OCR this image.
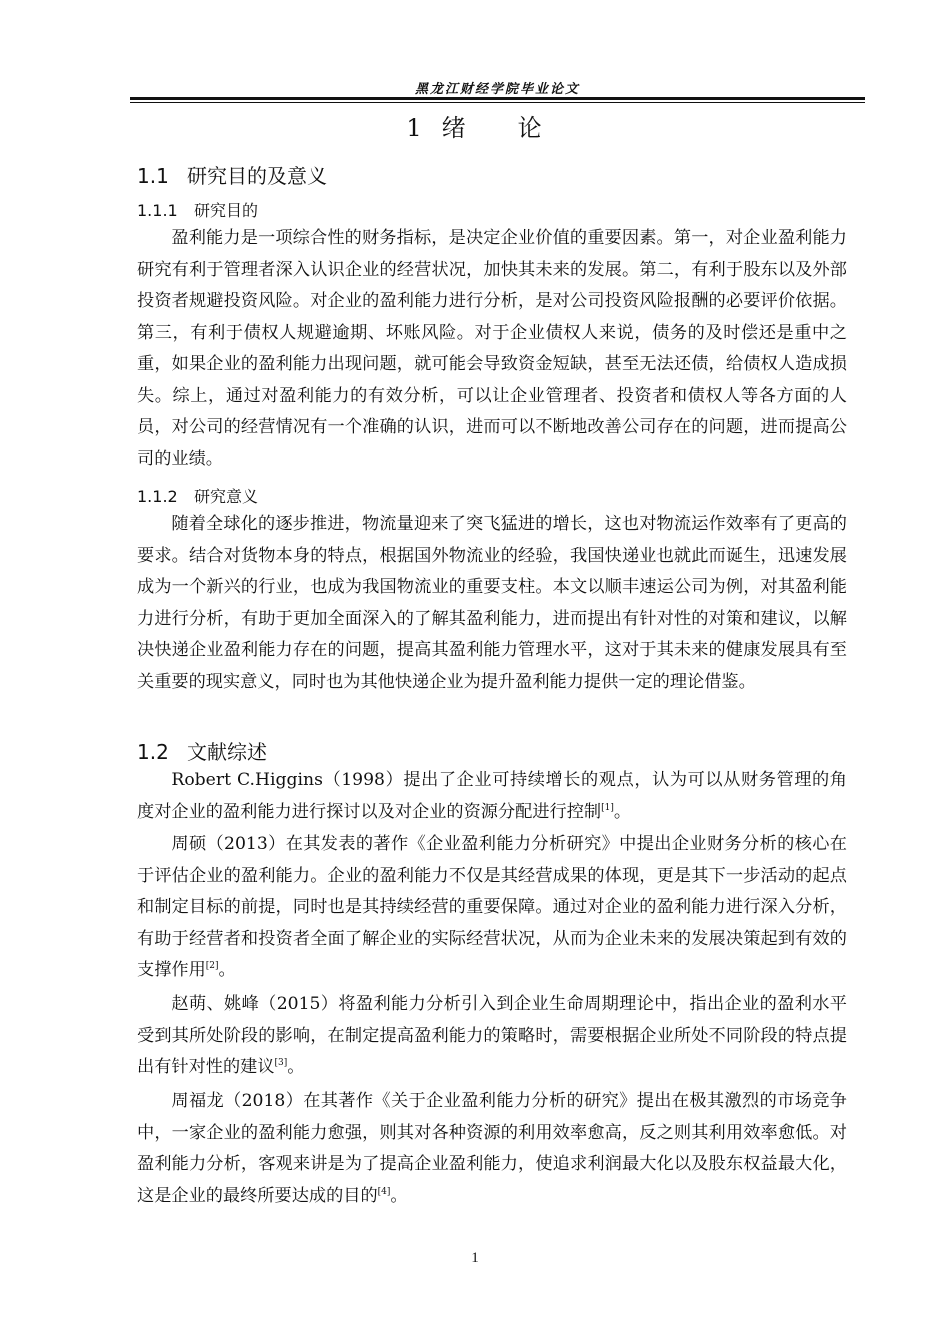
黑龙江财经学院毕业论文
1 绪 论
1.1 研究目的及意义
1.1.1 研究目的
盈利能力是一项综合性的财务指标，是决定企业价值的重要因素。第一，对企业盈利能力研究有利于管理者深入认识企业的经营状况，加快其未来的发展。第二，有利于股东以及外部投资者规避投资风险。对企业的盈利能力进行分析，是对公司投资风险报酬的必要评价依据。第三，有利于债权人规避逾期、坏账风险。对于企业债权人来说，债务的及时偿还是重中之重，如果企业的盈利能力出现问题，就可能会导致资金短缺，甚至无法还债，给债权人造成损失。综上，通过对盈利能力的有效分析，可以让企业管理者、投资者和债权人等各方面的人员，对公司的经营情况有一个准确的认识，进而可以不断地改善公司存在的问题，进而提高公司的业绩。
1.1.2 研究意义
随着全球化的逐步推进，物流量迎来了突飞猛进的增长，这也对物流运作效率有了更高的要求。结合对货物本身的特点，根据国外物流业的经验，我国快递业也就此而诞生，迅速发展成为一个新兴的行业，也成为我国物流业的重要支柱。本文以顺丰速运公司为例，对其盈利能力进行分析，有助于更加全面深入的了解其盈利能力，进而提出有针对性的对策和建议，以解决快递企业盈利能力存在的问题，提高其盈利能力管理水平，这对于其未来的健康发展具有至关重要的现实意义，同时也为其他快递企业为提升盈利能力提供一定的理论借鉴。
1.2 文献综述
Robert C.Higgins（1998）提出了企业可持续增长的观点，认为可以从财务管理的角度对企业的盈利能力进行探讨以及对企业的资源分配进行控制[1]。
周硕（2013）在其发表的著作《企业盈利能力分析研究》中提出企业财务分析的核心在于评估企业的盈利能力。企业的盈利能力不仅是其经营成果的体现，更是其下一步活动的起点和制定目标的前提，同时也是其持续经营的重要保障。通过对企业的盈利能力进行深入分析，有助于经营者和投资者全面了解企业的实际经营状况，从而为企业未来的发展决策起到有效的支撑作用[2]。
赵萌、姚峰（2015）将盈利能力分析引入到企业生命周期理论中，指出企业的盈利水平受到其所处阶段的影响，在制定提高盈利能力的策略时，需要根据企业所处不同阶段的特点提出有针对性的建议[3]。
周福龙（2018）在其著作《关于企业盈利能力分析的研究》提出在极其激烈的市场竞争中，一家企业的盈利能力愈强，则其对各种资源的利用效率愈高，反之则其利用效率愈低。对盈利能力分析，客观来讲是为了提高企业盈利能力，使追求利润最大化以及股东权益最大化，这是企业的最终所要达成的目的[4]。
1
